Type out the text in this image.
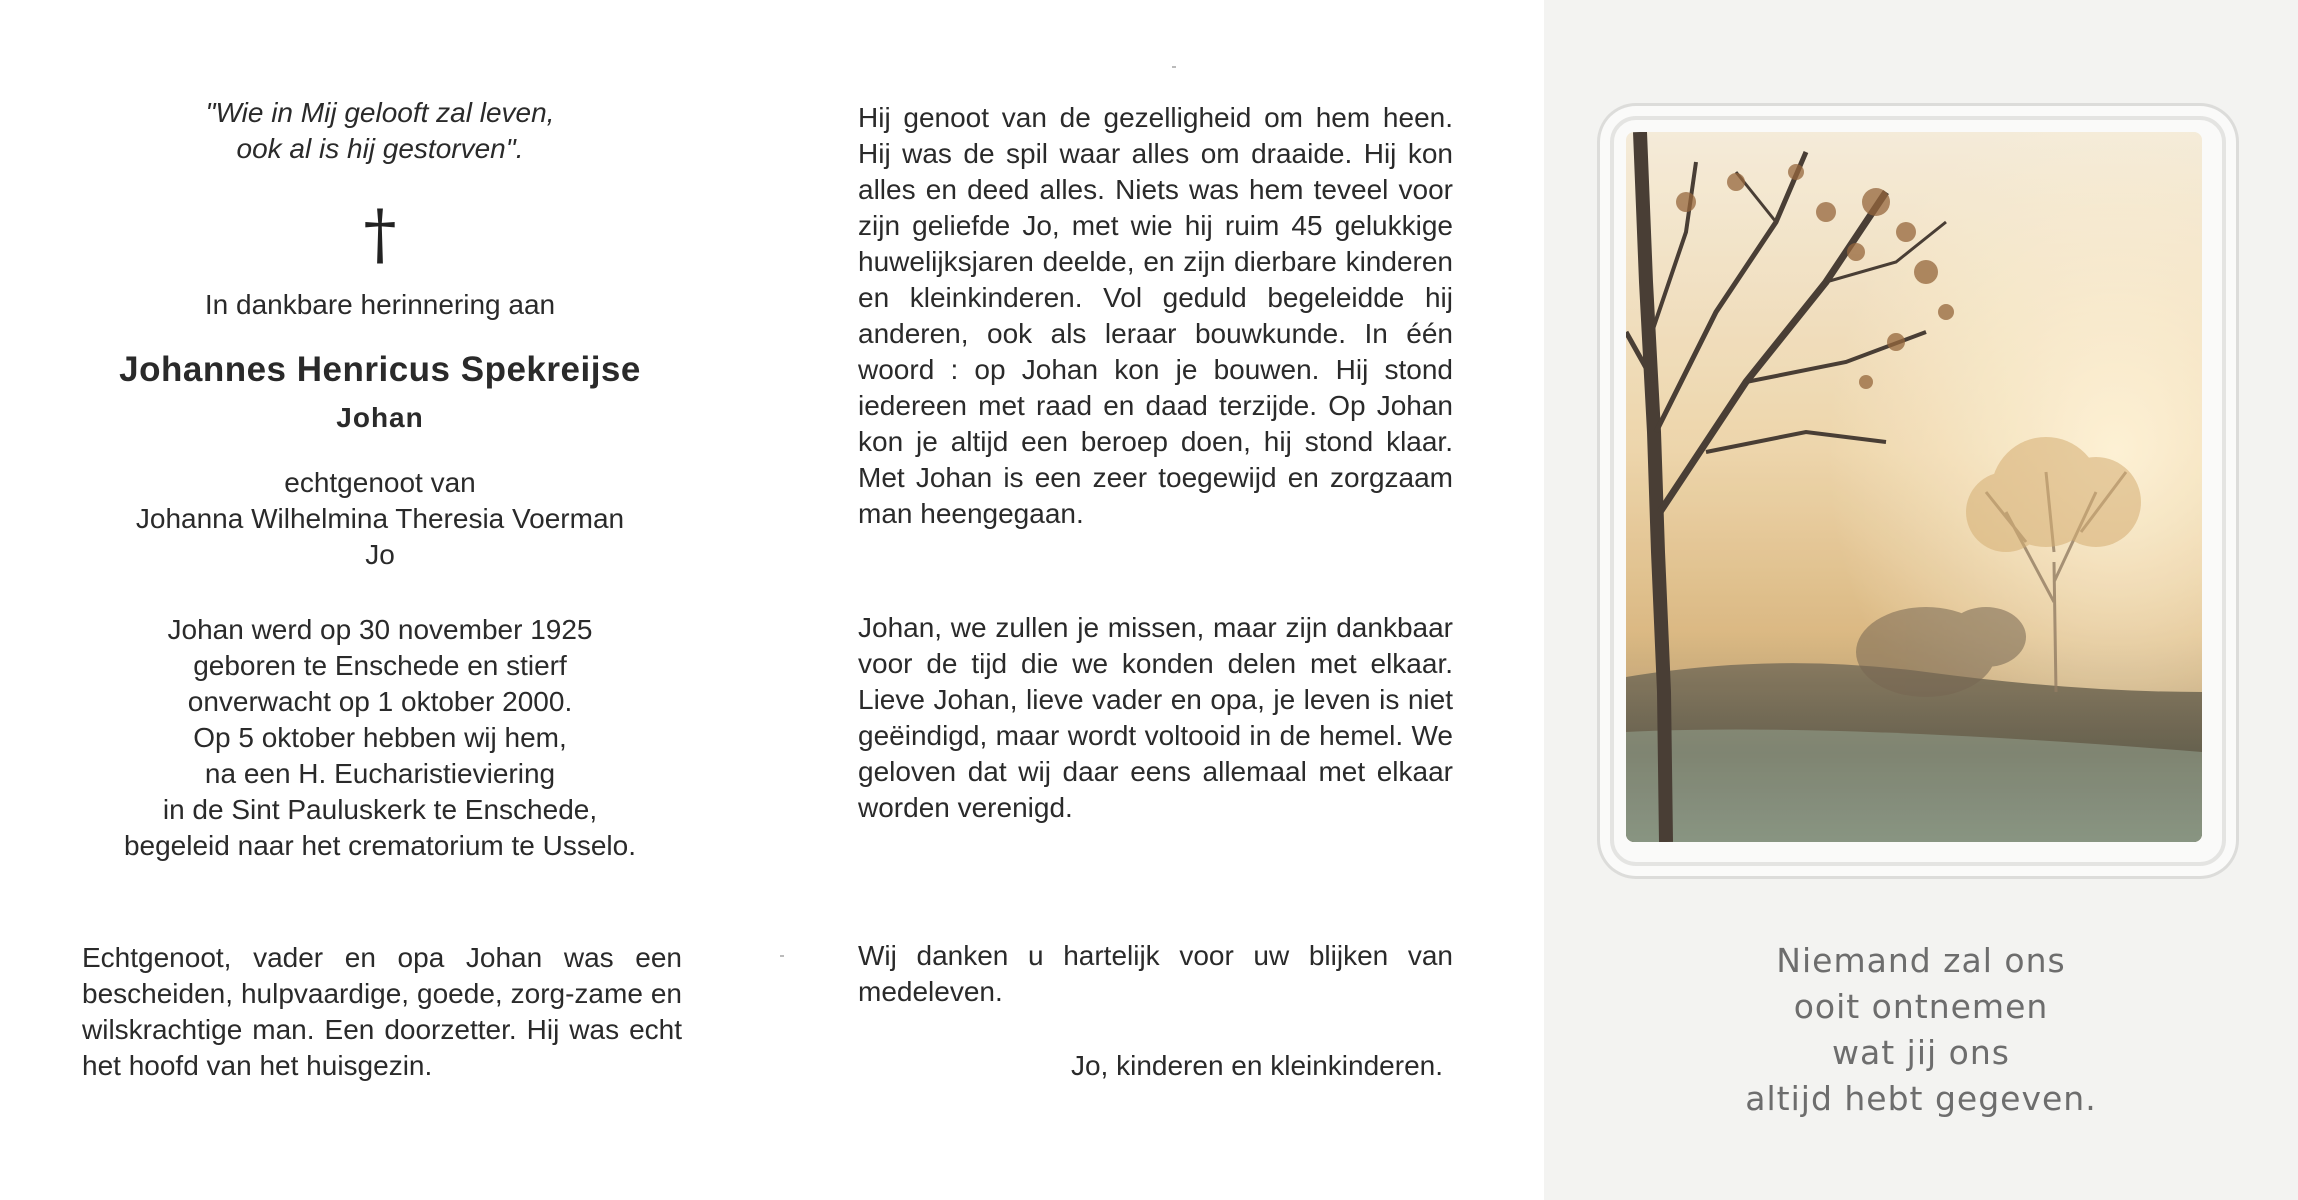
"Wie in Mij gelooft zal leven,
ook al is hij gestorven".
†
In dankbare herinnering aan
Johannes Henricus Spekreijse
Johan
echtgenoot van
Johanna Wilhelmina Theresia Voerman
Jo
Johan werd op 30 november 1925
geboren te Enschede en stierf
onverwacht op 1 oktober 2000.
Op 5 oktober hebben wij hem,
na een H. Eucharistieviering
in de Sint Pauluskerk te Enschede,
begeleid naar het crematorium te Usselo.
Echtgenoot, vader en opa Johan was een bescheiden, hulpvaardige, goede, zorg-zame en wilskrachtige man. Een doorzetter. Hij was echt het hoofd van het huisgezin.
Hij genoot van de gezelligheid om hem heen. Hij was de spil waar alles om draaide. Hij kon alles en deed alles. Niets was hem teveel voor zijn geliefde Jo, met wie hij ruim 45 gelukkige huwelijksjaren deelde, en zijn dierbare kinderen en kleinkinderen. Vol geduld begeleidde hij anderen, ook als leraar bouwkunde. In één woord : op Johan kon je bouwen. Hij stond iedereen met raad en daad terzijde. Op Johan kon je altijd een beroep doen, hij stond klaar. Met Johan is een zeer toegewijd en zorgzaam man heengegaan.
Johan, we zullen je missen, maar zijn dankbaar voor de tijd die we konden delen met elkaar. Lieve Johan, lieve vader en opa, je leven is niet geëindigd, maar wordt voltooid in de hemel. We geloven dat wij daar eens allemaal met elkaar worden verenigd.
Wij danken u hartelijk voor uw blijken van medeleven.
Jo, kinderen en kleinkinderen.
Niemand zal ons
ooit ontnemen
wat jij ons
altijd hebt gegeven.
